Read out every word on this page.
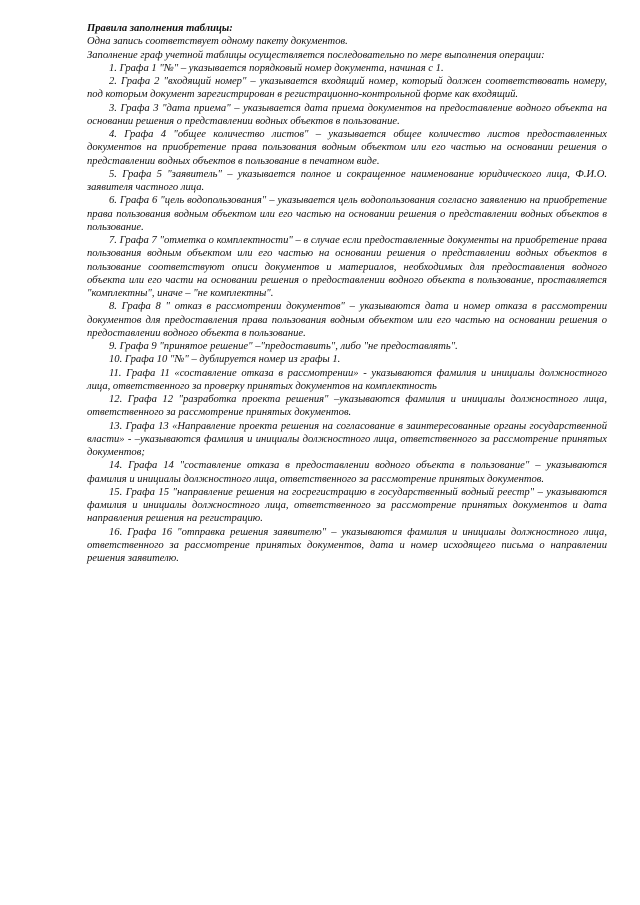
Правила заполнения таблицы:

Одна запись соответствует одному пакету документов.

Заполнение граф учетной таблицы осуществляется последовательно по мере выполнения операции:

1. Графа 1 "№" – указывается порядковый номер документа, начиная с 1.

2. Графа 2 "входящий номер" – указывается входящий номер, который должен соответствовать номеру, под которым документ зарегистрирован в регистрационно-контрольной форме как входящий.

3. Графа 3 "дата приема" – указывается дата приема документов на предоставление водного объекта на основании решения о представлении водных объектов в пользование.

4. Графа 4 "общее количество листов" – указывается общее количество листов предоставленных документов на приобретение права пользования водным объектом или его частью на основании решения о представлении водных объектов в пользование в печатном виде.

5. Графа 5 "заявитель" – указывается полное и сокращенное наименование юридического лица, Ф.И.О. заявителя частного лица.

6. Графа 6 "цель водопользования" – указывается цель водопользования согласно заявлению на приобретение права пользования водным объектом или его частью на основании решения о представлении водных объектов в пользование.

7. Графа 7 "отметка о комплектности" – в случае если предоставленные документы на приобретение права пользования водным объектом или его частью на основании решения о представлении водных объектов в пользование соответствуют описи документов и материалов, необходимых для предоставления водного объекта или его части на основании решения о предоставлении водного объекта в пользование, проставляется "комплектны", иначе – "не комплектны".

8. Графа 8 " отказ в рассмотрении документов" – указываются дата и номер отказа в рассмотрении документов для предоставления права пользования водным объектом или его частью на основании решения о предоставлении водного объекта в пользование.

9. Графа 9 "принятое решение" –"предоставить", либо "не предоставлять".

10. Графа 10 "№" – дублируется номер из графы 1.

11. Графа 11 «составление отказа в рассмотрении» - указываются фамилия и инициалы должностного лица, ответственного за проверку принятых документов на комплектность

12. Графа 12 "разработка проекта решения" –указываются фамилия и инициалы должностного лица, ответственного за рассмотрение принятых документов.

13. Графа 13 «Направление проекта решения на согласование в заинтересованные органы государственной власти» - –указываются фамилия и инициалы должностного лица, ответственного за рассмотрение принятых документов;

14. Графа 14 "составление отказа в предоставлении водного объекта в пользование" – указываются фамилия и инициалы должностного лица, ответственного за рассмотрение принятых документов.

15. Графа 15 "направление решения на госрегистрацию в государственный водный реестр" – указываются фамилия и инициалы должностного лица, ответственного за рассмотрение принятых документов и дата направления решения на регистрацию.

16. Графа 16 "отправка решения заявителю" – указываются фамилия и инициалы должностного лица, ответственного за рассмотрение принятых документов, дата и номер исходящего письма о направлении решения заявителю.
